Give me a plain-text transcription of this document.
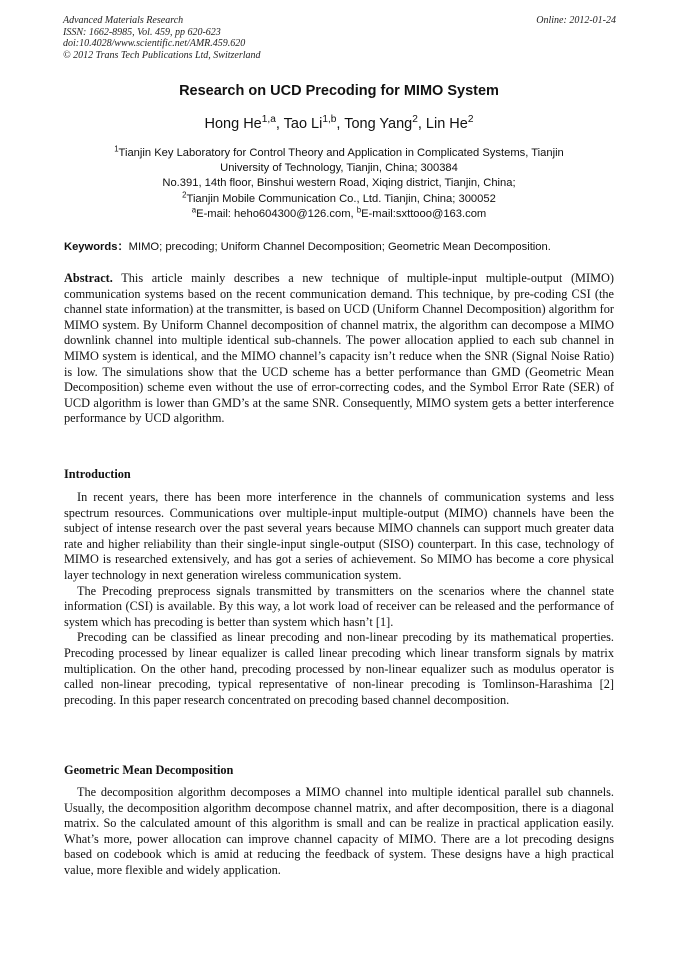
Advanced Materials Research
ISSN: 1662-8985, Vol. 459, pp 620-623
doi:10.4028/www.scientific.net/AMR.459.620
© 2012 Trans Tech Publications Ltd, Switzerland
Online: 2012-01-24
Research on UCD Precoding for MIMO System
Hong He$^{1,a}$, Tao Li$^{1,b}$, Tong Yang$^2$, Lin He$^2$
$^1$Tianjin Key Laboratory for Control Theory and Application in Complicated Systems, Tianjin
University of Technology, Tianjin, China; 300384
No.391, 14th floor, Binshui western Road, Xiqing district, Tianjin, China;
$^2$Tianjin Mobile Communication Co., Ltd. Tianjin, China; 300052
$^a$E-mail: heho604300@126.com, $^b$E-mail:sxttooo@163.com
Keywords：MIMO; precoding; Uniform Channel Decomposition; Geometric Mean Decomposition.

Abstract. This article mainly describes a new technique of multiple-input multiple-output (MIMO) communication systems based on the recent communication demand. This technique, by pre-coding CSI (the channel state information) at the transmitter, is based on UCD (Uniform Channel Decomposition) algorithm for MIMO system. By Uniform Channel decomposition of channel matrix, the algorithm can decompose a MIMO downlink channel into multiple identical sub-channels. The power allocation applied to each sub channel in MIMO system is identical, and the MIMO channel’s capacity isn’t reduce when the SNR (Signal Noise Ratio) is low. The simulations show that the UCD scheme has a better performance than GMD (Geometric Mean Decomposition) scheme even without the use of error-correcting codes, and the Symbol Error Rate (SER) of UCD algorithm is lower than GMD’s at the same SNR. Consequently, MIMO system gets a better interference performance by UCD algorithm.

Introduction

In recent years, there has been more interference in the channels of communication systems and less spectrum resources. Communications over multiple-input multiple-output (MIMO) channels have been the subject of intense research over the past several years because MIMO channels can support much greater data rate and higher reliability than their single-input single-output (SISO) counterpart. In this case, technology of MIMO is researched extensively, and has got a series of achievement. So MIMO has become a core physical layer technology in next generation wireless communication system.

The Precoding preprocess signals transmitted by transmitters on the scenarios where the channel state information (CSI) is available. By this way, a lot work load of receiver can be released and the performance of system which has precoding is better than system which hasn’t [1].

Precoding can be classified as linear precoding and non-linear precoding by its mathematical properties. Precoding processed by linear equalizer is called linear precoding which linear transform signals by matrix multiplication. On the other hand, precoding processed by non-linear equalizer such as modulus operator is called non-linear precoding, typical representative of non-linear precoding is Tomlinson-Harashima [2] precoding. In this paper research concentrated on precoding based channel decomposition.

Geometric Mean Decomposition

The decomposition algorithm decomposes a MIMO channel into multiple identical parallel sub channels. Usually, the decomposition algorithm decompose channel matrix, and after decomposition, there is a diagonal matrix. So the calculated amount of this algorithm is small and can be realize in practical application easily. What’s more, power allocation can improve channel capacity of MIMO. There are a lot precoding designs based on codebook which is amid at reducing the feedback of system. These designs have a high practical value, more flexible and widely application.
